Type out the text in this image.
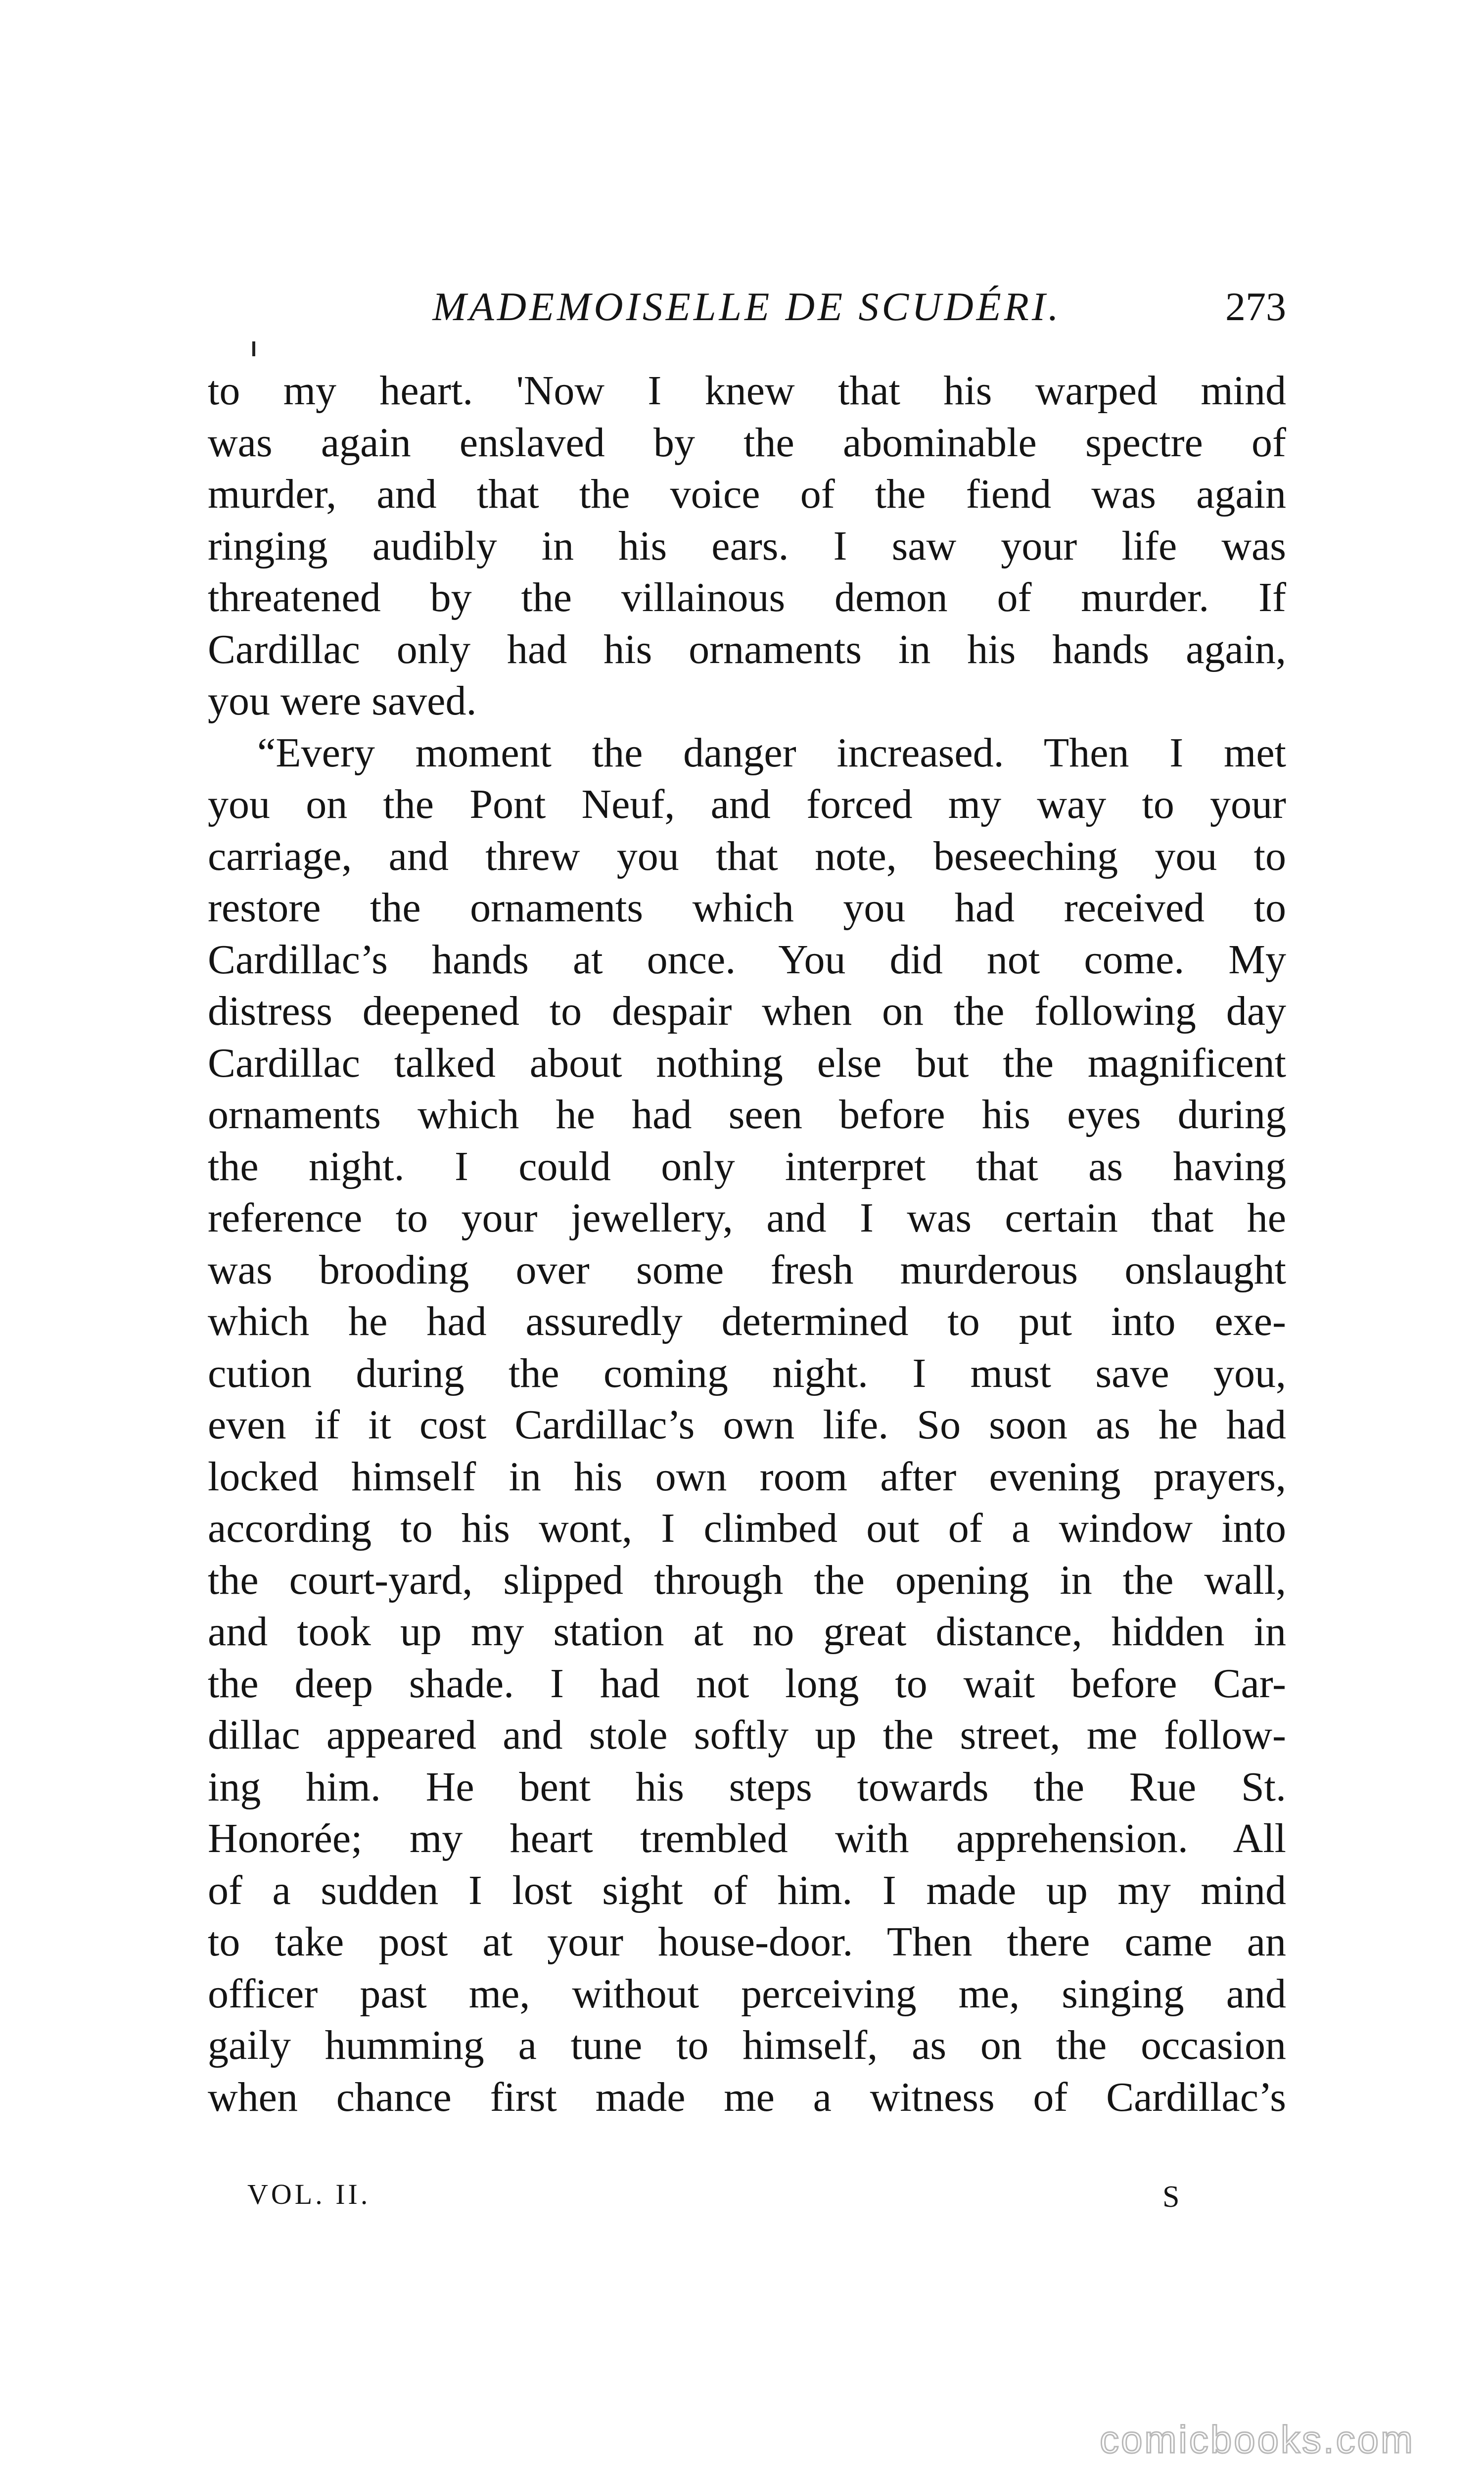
MADEMOISELLE DE SCUDÉRI.	273
to my heart. 'Now I knew that his warped mind
was again enslaved by the abominable spectre of
murder, and that the voice of the fiend was again
ringing audibly in his ears. I saw your life was
threatened by the villainous demon of murder. If
Cardillac only had his ornaments in his hands again,
you were saved.
“Every moment the danger increased. Then I met
you on the Pont Neuf, and forced my way to your
carriage, and threw you that note, beseeching you to
restore the ornaments which you had received to
Cardillac’s hands at once. You did not come. My
distress deepened to despair when on the following day
Cardillac talked about nothing else but the magnificent
ornaments which he had seen before his eyes during
the night. I could only interpret that as having
reference to your jewellery, and I was certain that he
was brooding over some fresh murderous onslaught
which he had assuredly determined to put into exe-
cution during the coming night. I must save you,
even if it cost Cardillac’s own life. So soon as he had
locked himself in his own room after evening prayers,
according to his wont, I climbed out of a window into
the court-yard, slipped through the opening in the wall,
and took up my station at no great distance, hidden in
the deep shade. I had not long to wait before Car-
dillac appeared and stole softly up the street, me follow-
ing him. He bent his steps towards the Rue St.
Honorée; my heart trembled with apprehension. All
of a sudden I lost sight of him. I made up my mind
to take post at your house-door. Then there came an
officer past me, without perceiving me, singing and
gaily humming a tune to himself, as on the occasion
when chance first made me a witness of Cardillac’s
VOL. II.	S
comicbooks.com
